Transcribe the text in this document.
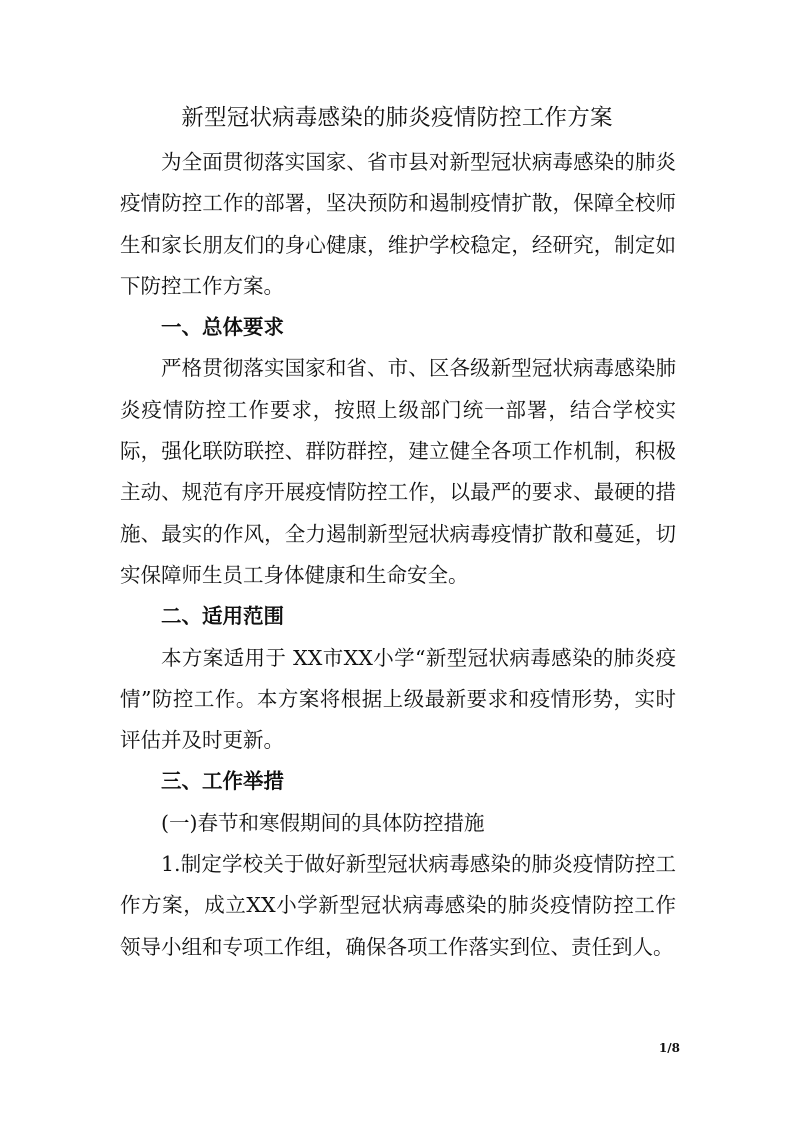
新型冠状病毒感染的肺炎疫情防控工作方案

为全面贯彻落实国家、省市县对新型冠状病毒感染的肺炎疫情防控工作的部署，坚决预防和遏制疫情扩散，保障全校师生和家长朋友们的身心健康，维护学校稳定，经研究，制定如下防控工作方案。

一、总体要求

严格贯彻落实国家和省、市、区各级新型冠状病毒感染肺炎疫情防控工作要求，按照上级部门统一部署，结合学校实际，强化联防联控、群防群控，建立健全各项工作机制，积极主动、规范有序开展疫情防控工作，以最严的要求、最硬的措施、最实的作风，全力遏制新型冠状病毒疫情扩散和蔓延，切实保障师生员工身体健康和生命安全。

二、适用范围

本方案适用于 XX市XX小学“新型冠状病毒感染的肺炎疫情”防控工作。本方案将根据上级最新要求和疫情形势，实时评估并及时更新。

三、工作举措

(一)春节和寒假期间的具体防控措施

1.制定学校关于做好新型冠状病毒感染的肺炎疫情防控工作方案，成立XX小学新型冠状病毒感染的肺炎疫情防控工作领导小组和专项工作组，确保各项工作落实到位、责任到人。

1/8
